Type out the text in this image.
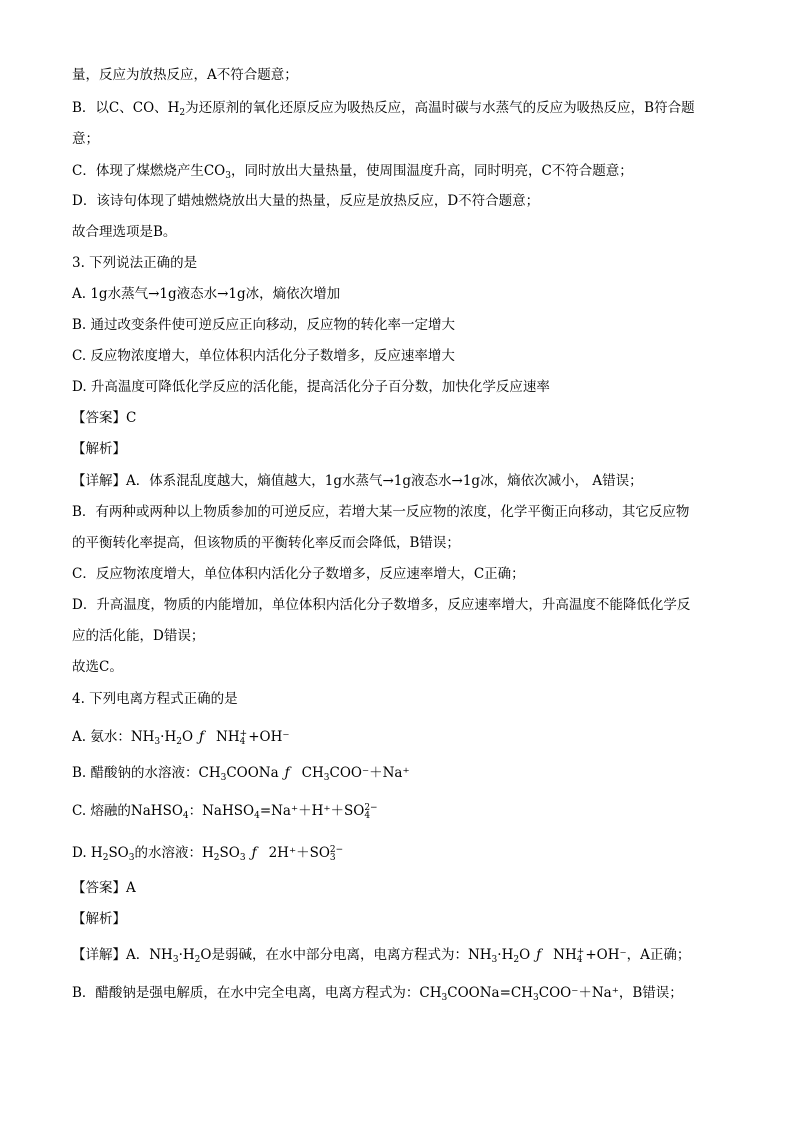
量，反应为放热反应，A不符合题意；
B．以C、CO、$H_2$为还原剂的氧化还原反应为吸热反应，高温时碳与水蒸气的反应为吸热反应，B符合题
意；
C．体现了煤燃烧产生$CO_3$，同时放出大量热量，使周围温度升高，同时明亮，C不符合题意；
D．该诗句体现了蜡烛燃烧放出大量的热量，反应是放热反应，D不符合题意；
故合理选项是B。
3. 下列说法正确的是
A. 1g水蒸气→1g液态水→1g冰，熵依次增加
B. 通过改变条件使可逆反应正向移动，反应物的转化率一定增大
C. 反应物浓度增大，单位体积内活化分子数增多，反应速率增大
D. 升高温度可降低化学反应的活化能，提高活化分子百分数，加快化学反应速率
【答案】C
【解析】
【详解】A．体系混乱度越大，熵值越大，1g水蒸气→1g液态水→1g冰，熵依次减小， A错误；
B．有两种或两种以上物质参加的可逆反应，若增大某一反应物的浓度，化学平衡正向移动，其它反应物
的平衡转化率提高，但该物质的平衡转化率反而会降低，B错误；
C．反应物浓度增大，单位体积内活化分子数增多，反应速率增大，C正确；
D．升高温度，物质的内能增加，单位体积内活化分子数增多，反应速率增大，升高温度不能降低化学反
应的活化能，D错误；
故选C。
4. 下列电离方程式正确的是
A. 氨水：$NH_3\cdot H_2O$ ƒ NH +
4 +OH⁻
B. 醋酸钠的水溶液：$CH_3COONa$ ƒ $CH_3COO^-+Na^+$
C. 熔融的NaHSO$_4$：NaHSO$_4$=Na⁺＋H⁺＋SO 2−
4
D. $H_2SO_3$的水溶液：$H_2SO_3$ ƒ 2H⁺＋SO 2−
3
【答案】A
【解析】
【详解】A．$NH_3\cdot H_2O$是弱碱，在水中部分电离，电离方程式为：$NH_3\cdot H_2O$ ƒ NH +
4 +OH⁻，A正确；
B．醋酸钠是强电解质，在水中完全电离，电离方程式为：$CH_3COONa=CH_3COO^-+Na^+$，B错误；
